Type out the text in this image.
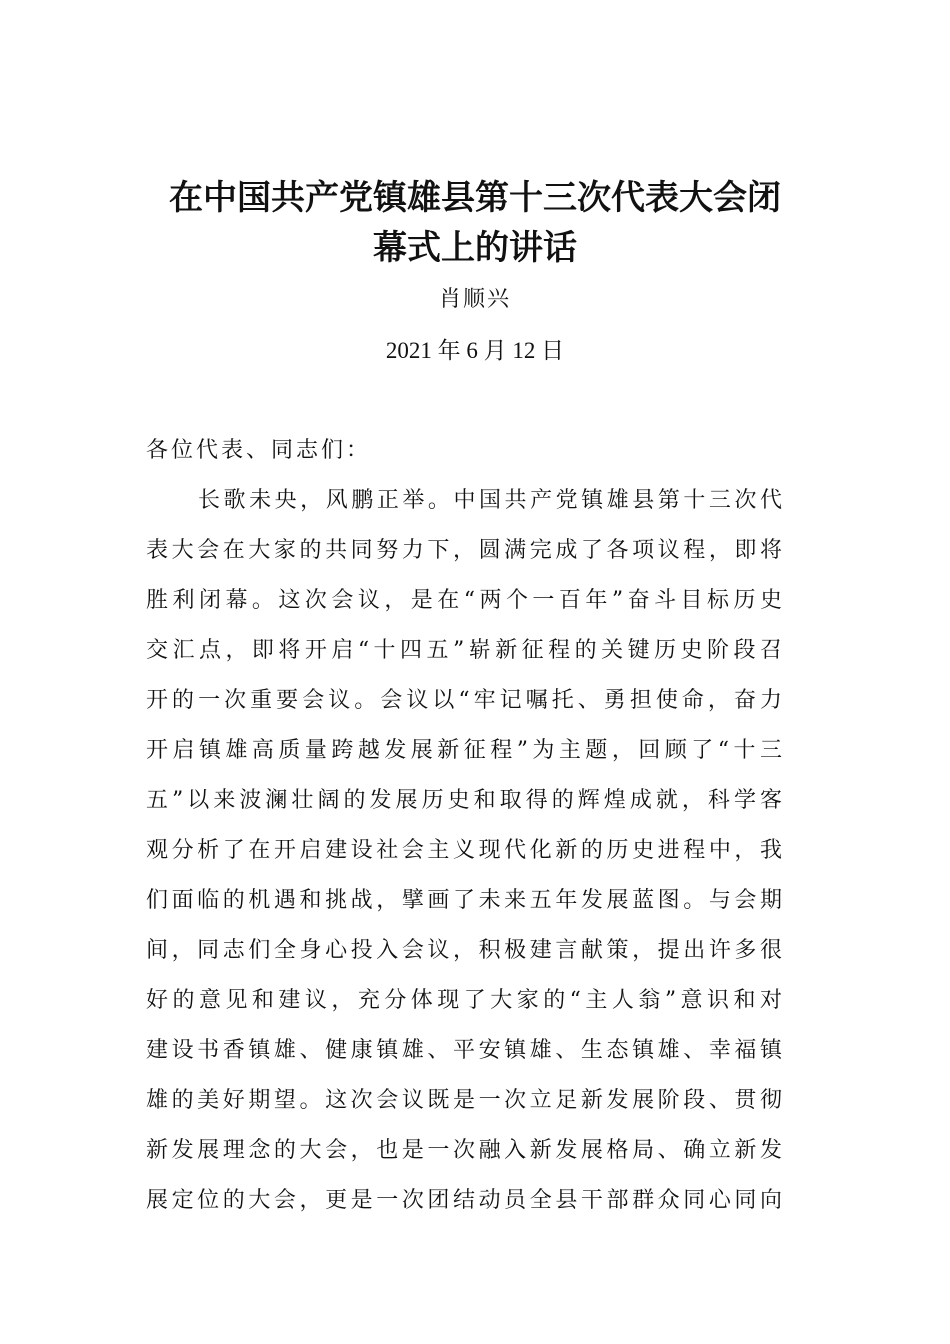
在中国共产党镇雄县第十三次代表大会闭
幕式上的讲话
肖顺兴
2021 年 6 月 12 日
各位代表、同志们：
长歌未央，风鹏正举。中国共产党镇雄县第十三次代
表大会在大家的共同努力下，圆满完成了各项议程，即将
胜利闭幕。这次会议，是在“两个一百年”奋斗目标历史
交汇点，即将开启“十四五”崭新征程的关键历史阶段召
开的一次重要会议。会议以“牢记嘱托、勇担使命，奋力
开启镇雄高质量跨越发展新征程”为主题，回顾了“十三
五”以来波澜壮阔的发展历史和取得的辉煌成就，科学客
观分析了在开启建设社会主义现代化新的历史进程中，我
们面临的机遇和挑战，擘画了未来五年发展蓝图。与会期
间，同志们全身心投入会议，积极建言献策，提出许多很
好的意见和建议，充分体现了大家的“主人翁”意识和对
建设书香镇雄、健康镇雄、平安镇雄、生态镇雄、幸福镇
雄的美好期望。这次会议既是一次立足新发展阶段、贯彻
新发展理念的大会，也是一次融入新发展格局、确立新发
展定位的大会，更是一次团结动员全县干部群众同心同向
